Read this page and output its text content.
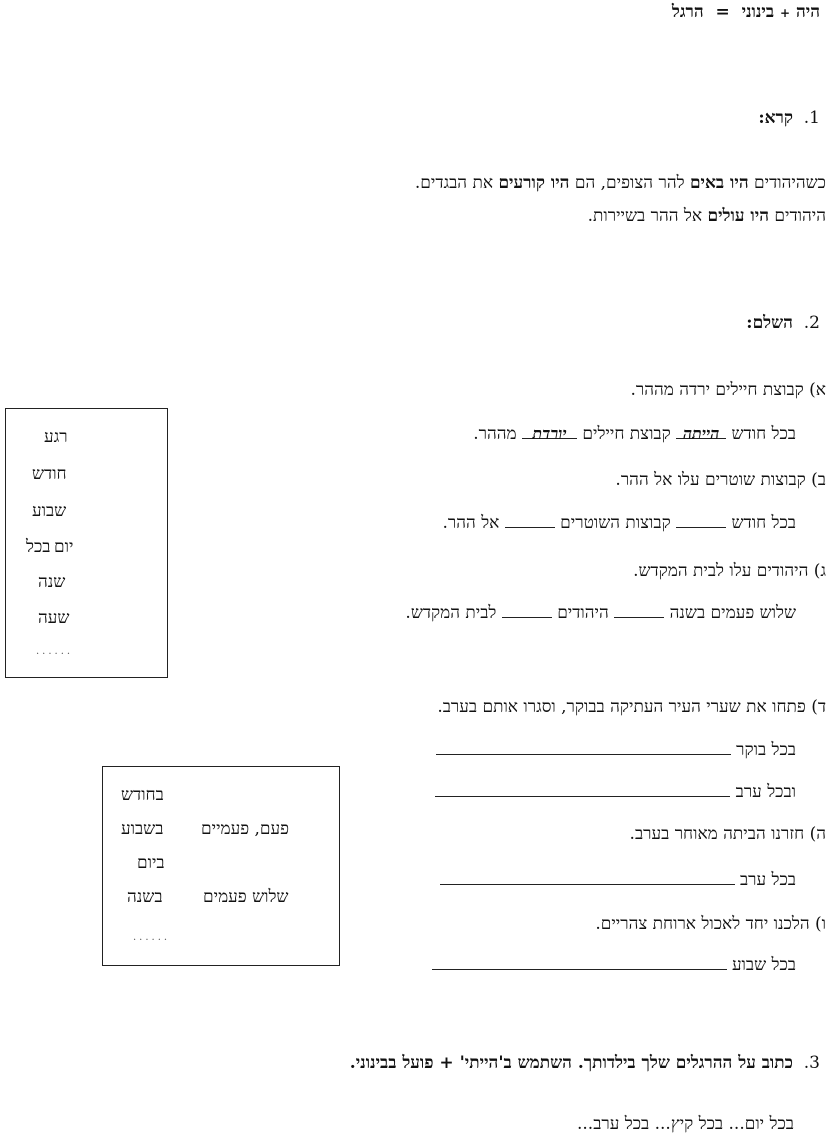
היה + בינוני  =  הרגל
1.  קרא:
כשהיהודים היו באים להר הצופים, הם היו קורעים את הבגדים.
היהודים היו עולים אל ההר בשיירות.
2.  השלם:
א) קבוצת חיילים ירדה מההר.
בכל חודש הייתה קבוצת חיילים יורדת מההר.
ב) קבוצות שוטרים עלו אל ההר.
בכל חודש  קבוצות השוטרים  אל ההר.
ג) היהודים עלו לבית המקדש.
שלוש פעמים בשנה  היהודים  לבית המקדש.
בכל
רגע
חודש
שבוע
יום
שנה
שעה
......
ד) פתחו את שערי העיר העתיקה בבוקר, וסגרו אותם בערב.
בכל בוקר
ובכל ערב
ה) חזרנו הביתה מאוחר בערב.
בכל ערב
ו) הלכנו יחד לאכול ארוחת צהריים.
בכל שבוע
בחודש
בשבוע
ביום
בשנה
פעם, פעמיים
שלוש פעמים
......
3.  כתוב על ההרגלים שלך בילדותך. השתמש ב'הייתי' + פועל בבינוני.
בכל יום... בכל קיץ... בכל ערב...
